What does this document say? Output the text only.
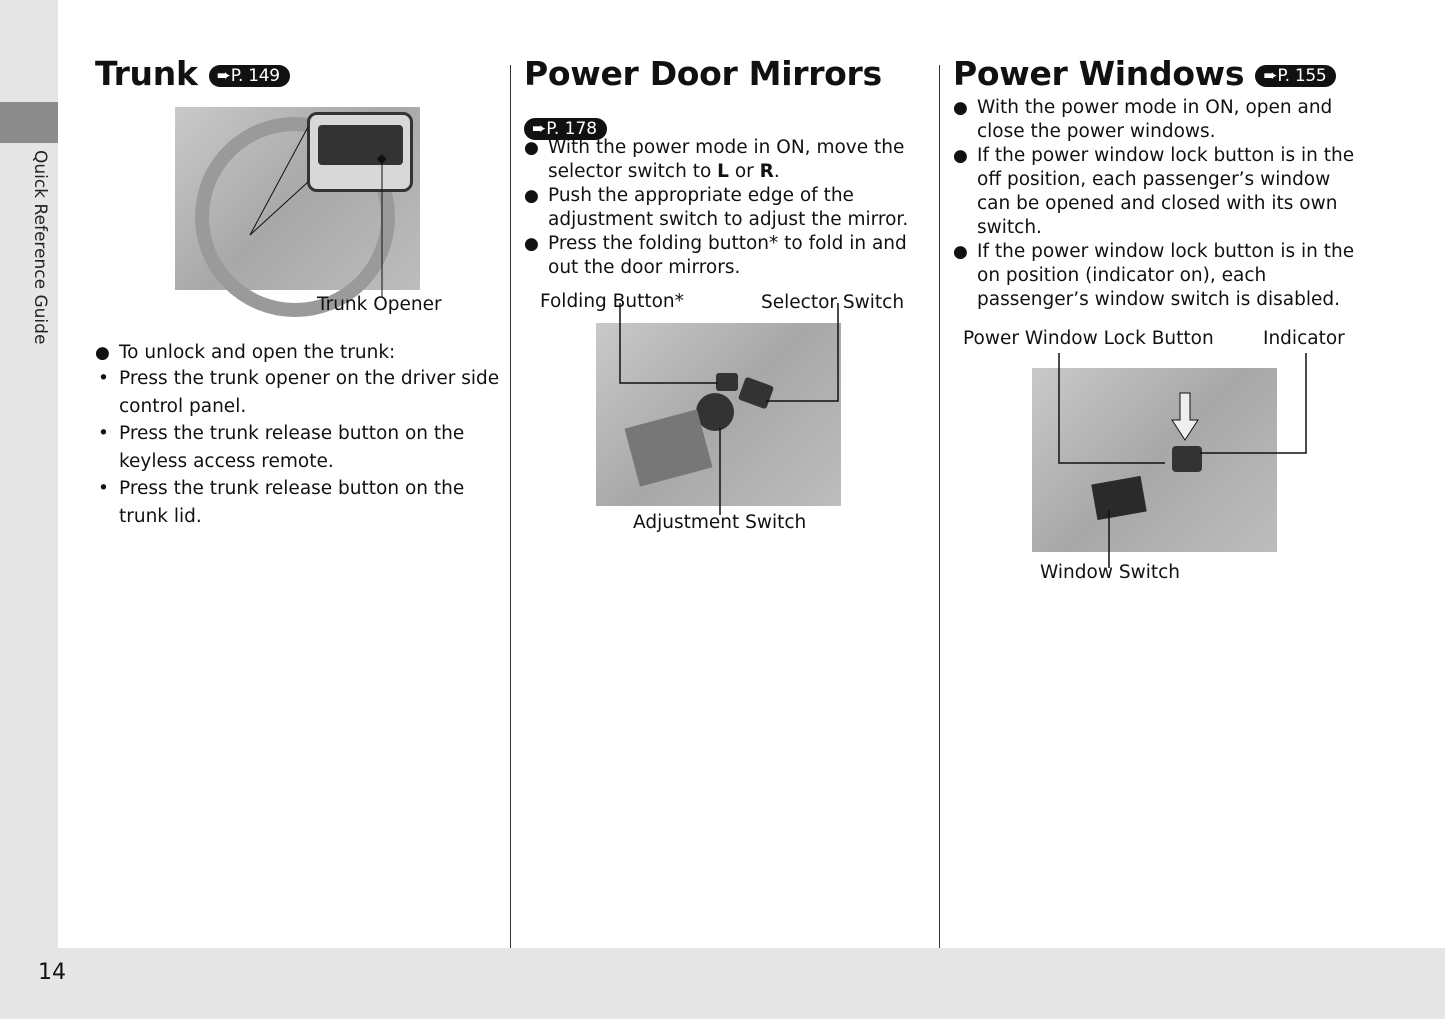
Quick Reference Guide
14
Trunk ➨P. 149
Trunk Opener
● To unlock and open the trunk:
• Press the trunk opener on the driver side control panel.
• Press the trunk release button on the keyless access remote.
• Press the trunk release button on the trunk lid.
Power Door Mirrors
➨P. 178
● With the power mode in ON, move the selector switch to L or R.
● Push the appropriate edge of the adjustment switch to adjust the mirror.
● Press the folding button* to fold in and out the door mirrors.
Folding Button*	Selector Switch
Adjustment Switch
Power Windows ➨P. 155
● With the power mode in ON, open and close the power windows.
● If the power window lock button is in the off position, each passenger’s window can be opened and closed with its own switch.
● If the power window lock button is in the on position (indicator on), each passenger’s window switch is disabled.
Power Window Lock Button	Indicator
Window Switch
